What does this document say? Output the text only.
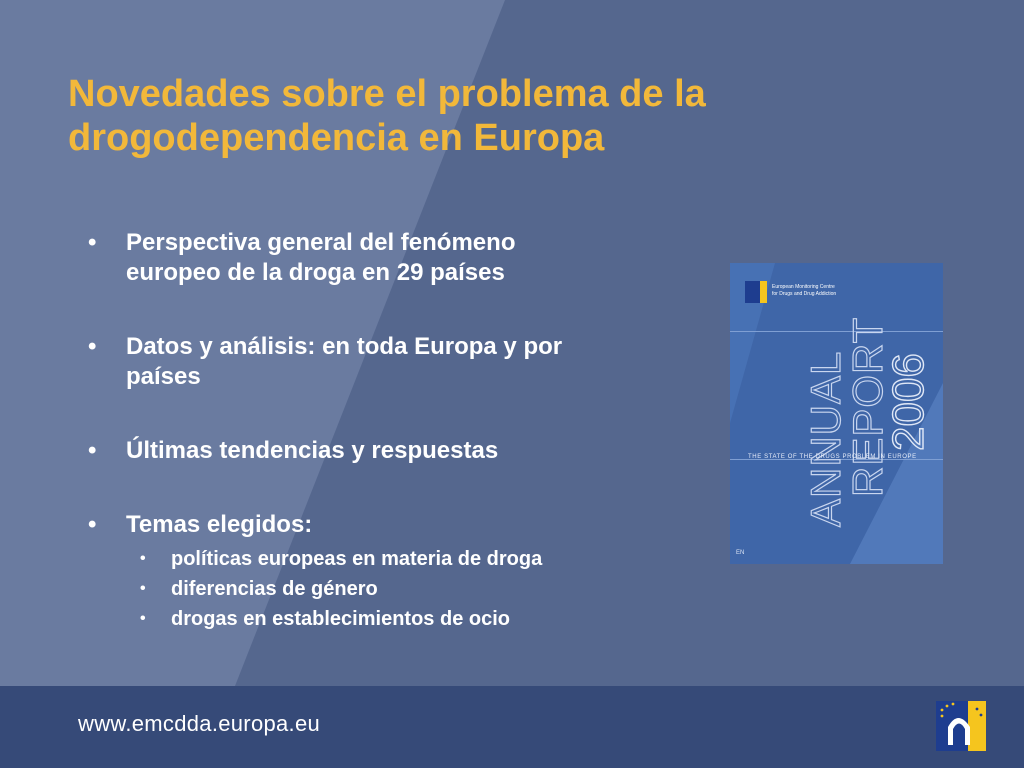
Novedades sobre el problema de la
drogodependencia en Europa
• Perspectiva general del fenómeno
europeo de la droga en 29 países
• Datos y análisis: en toda Europa y por
países
• Últimas tendencias y respuestas
• Temas elegidos:
• políticas europeas en materia de droga
• diferencias de género
• drogas en establecimientos de ocio
European Monitoring Centre
for Drugs and Drug Addiction
ANNUAL
REPORT
2006
THE STATE OF THE DRUGS PROBLEM IN EUROPE
EN
www.emcdda.europa.eu
